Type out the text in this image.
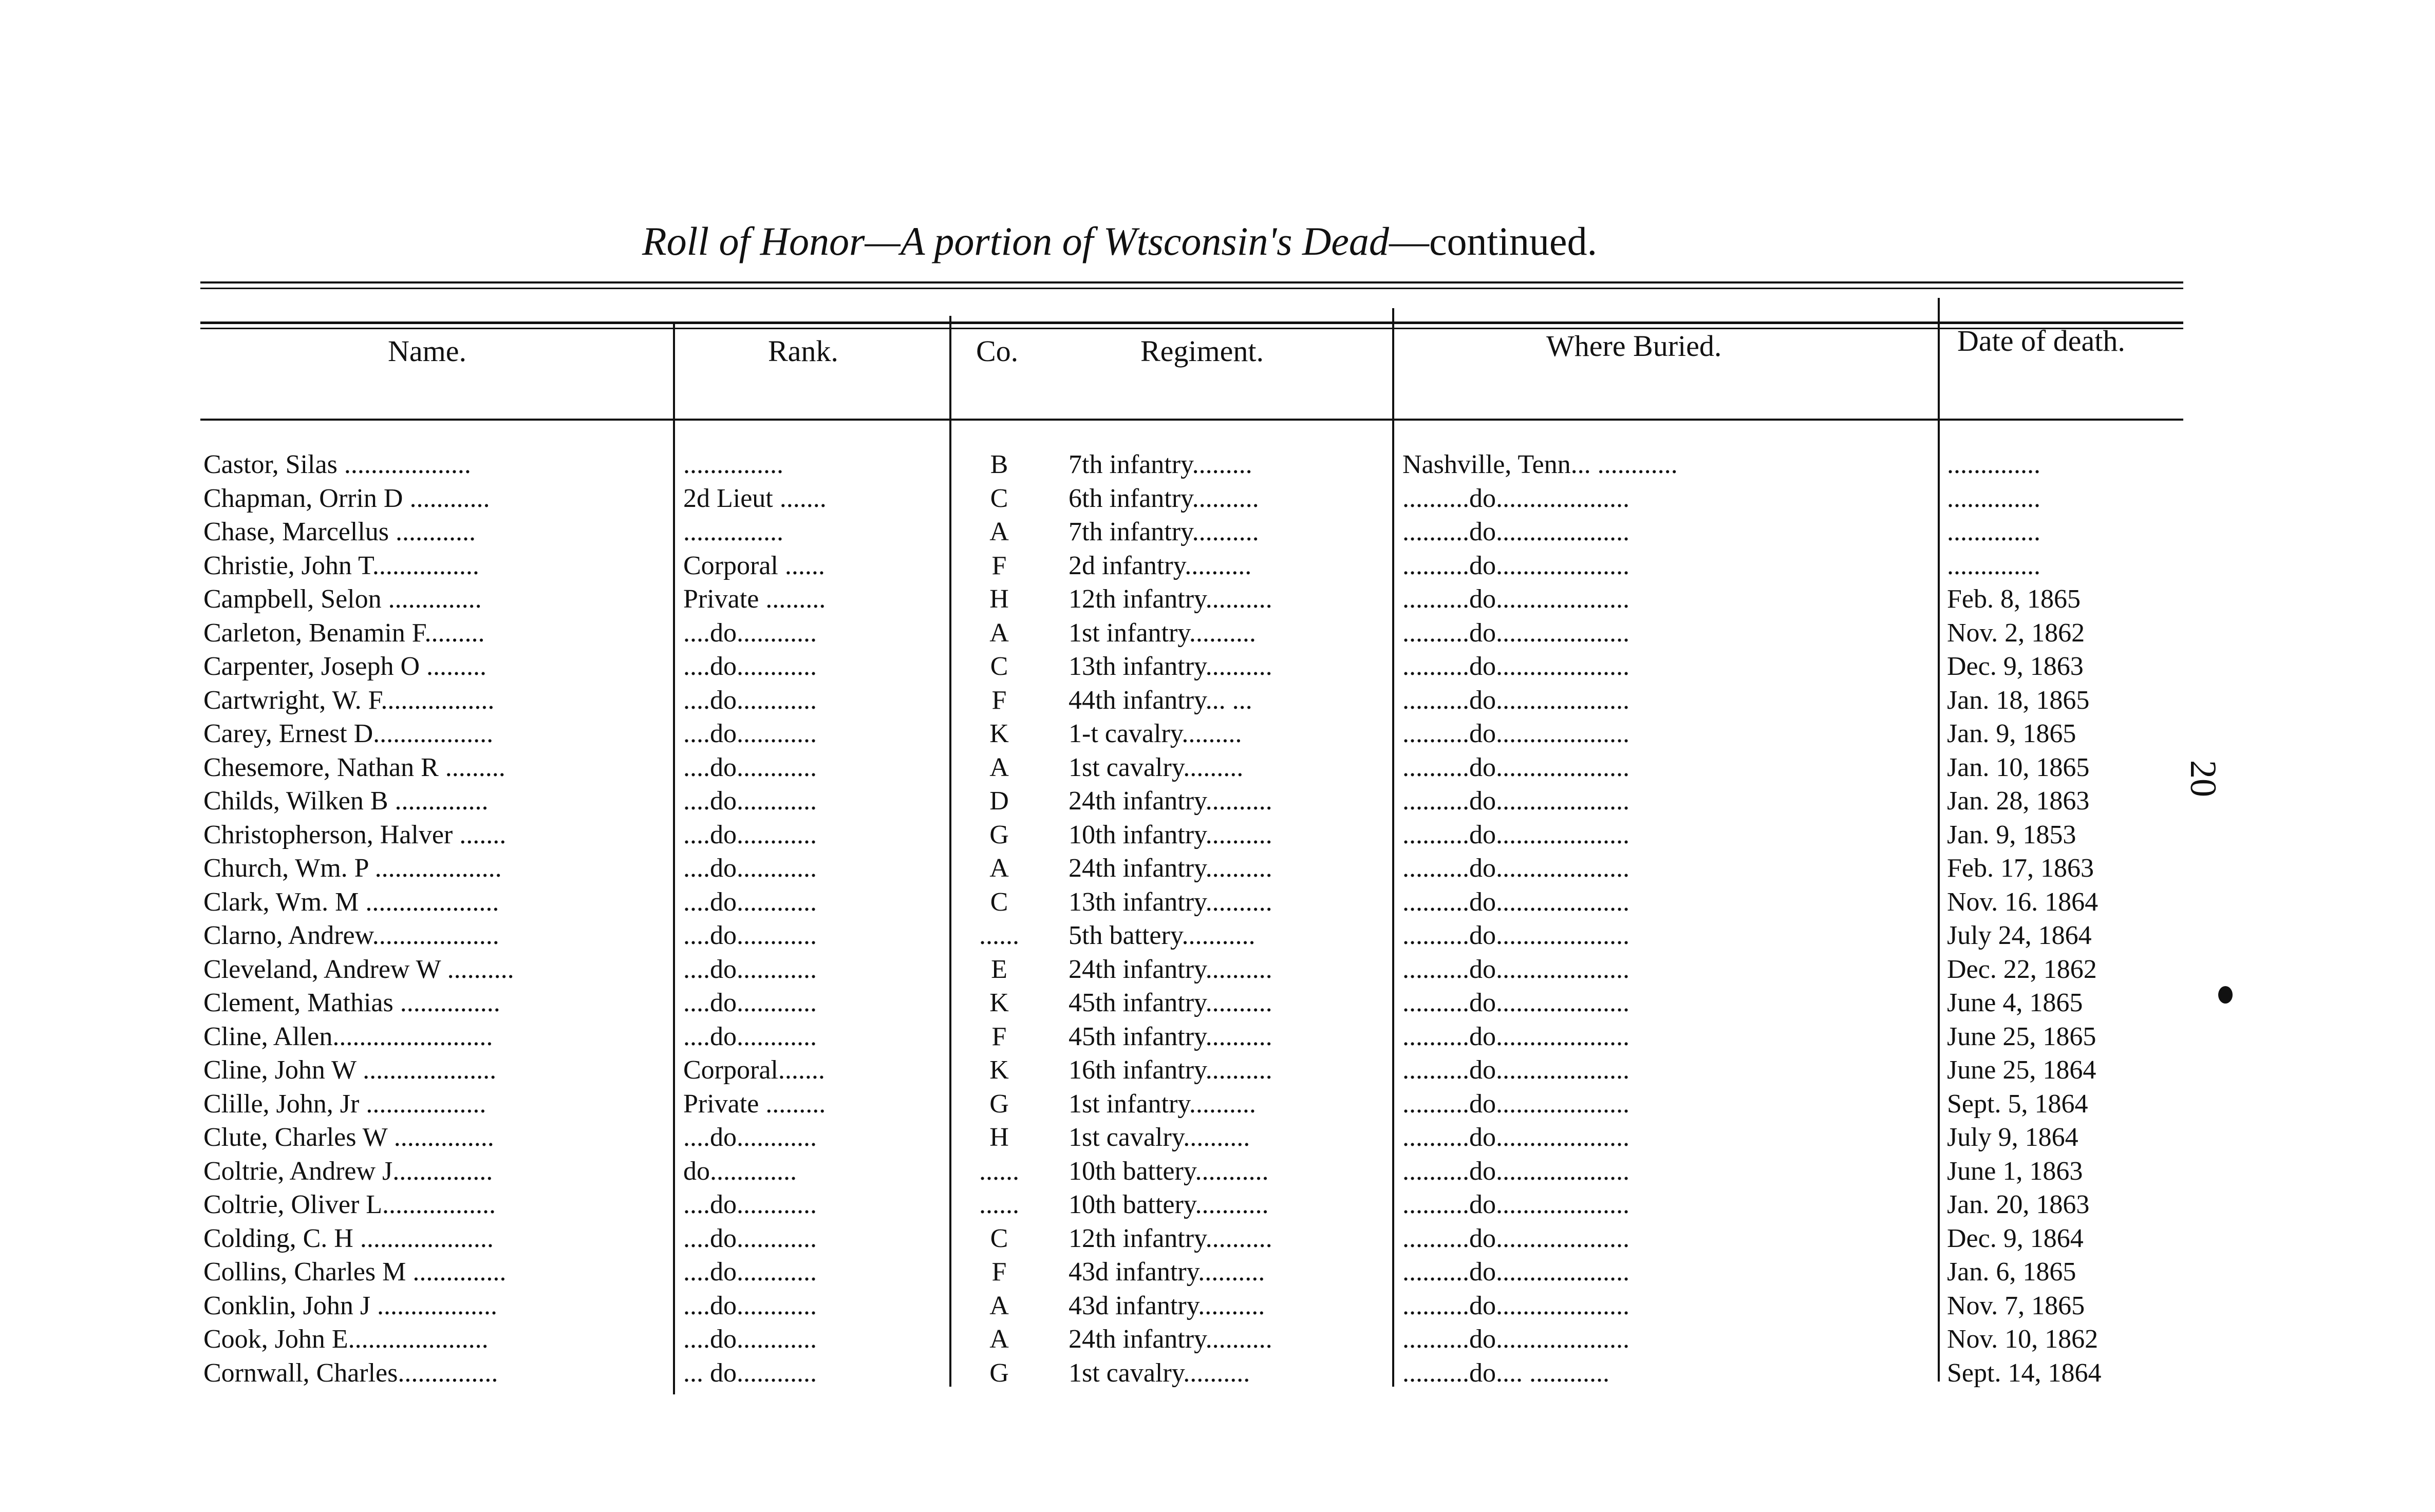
Roll of Honor—A portion of Wtsconsin's Dead—continued.
Name.	Rank.	Co.	Regiment.	Where Buried.	Date of death.
Castor, Silas ...................	...............	B	7th infantry.........	Nashville, Tenn... ............	..............
Chapman, Orrin D ............	2d Lieut .......	C	6th infantry..........	..........do....................	..............
Chase, Marcellus ............	...............	A	7th infantry..........	..........do....................	..............
Christie, John T................	Corporal ......	F	2d infantry..........	..........do....................	..............
Campbell, Selon ..............	Private .........	H	12th infantry..........	..........do....................	Feb. 8, 1865
Carleton, Benamin F.........	....do............	A	1st infantry..........	..........do....................	Nov. 2, 1862
Carpenter, Joseph O .........	....do............	C	13th infantry..........	..........do....................	Dec. 9, 1863
Cartwright, W. F.................	....do............	F	44th infantry... ...	..........do....................	Jan. 18, 1865
Carey, Ernest D..................	....do............	K	1-t cavalry.........	..........do....................	Jan. 9, 1865
Chesemore, Nathan R .........	....do............	A	1st cavalry.........	..........do....................	Jan. 10, 1865
Childs, Wilken B ..............	....do............	D	24th infantry..........	..........do....................	Jan. 28, 1863
Christopherson, Halver .......	....do............	G	10th infantry..........	..........do....................	Jan. 9, 1853
Church, Wm. P ...................	....do............	A	24th infantry..........	..........do....................	Feb. 17, 1863
Clark, Wm. M ....................	....do............	C	13th infantry..........	..........do....................	Nov. 16. 1864
Clarno, Andrew...................	....do............	......	5th battery...........	..........do....................	July 24, 1864
Cleveland, Andrew W ..........	....do............	E	24th infantry..........	..........do....................	Dec. 22, 1862
Clement, Mathias ...............	....do............	K	45th infantry..........	..........do....................	June 4, 1865
Cline, Allen........................	....do............	F	45th infantry..........	..........do....................	June 25, 1865
Cline, John W ....................	Corporal.......	K	16th infantry..........	..........do....................	June 25, 1864
Clille, John, Jr ..................	Private .........	G	1st infantry..........	..........do....................	Sept. 5, 1864
Clute, Charles W ...............	....do............	H	1st cavalry..........	..........do....................	July 9, 1864
Coltrie, Andrew J...............	do.............	......	10th battery...........	..........do....................	June 1, 1863
Coltrie, Oliver L.................	....do............	......	10th battery...........	..........do....................	Jan. 20, 1863
Colding, C. H ....................	....do............	C	12th infantry..........	..........do....................	Dec. 9, 1864
Collins, Charles M ..............	....do............	F	43d infantry..........	..........do....................	Jan. 6, 1865
Conklin, John J ..................	....do............	A	43d infantry..........	..........do....................	Nov. 7, 1865
Cook, John E.....................	....do............	A	24th infantry..........	..........do....................	Nov. 10, 1862
Cornwall, Charles...............	... do............	G	1st cavalry..........	..........do.... ............	Sept. 14, 1864
20
